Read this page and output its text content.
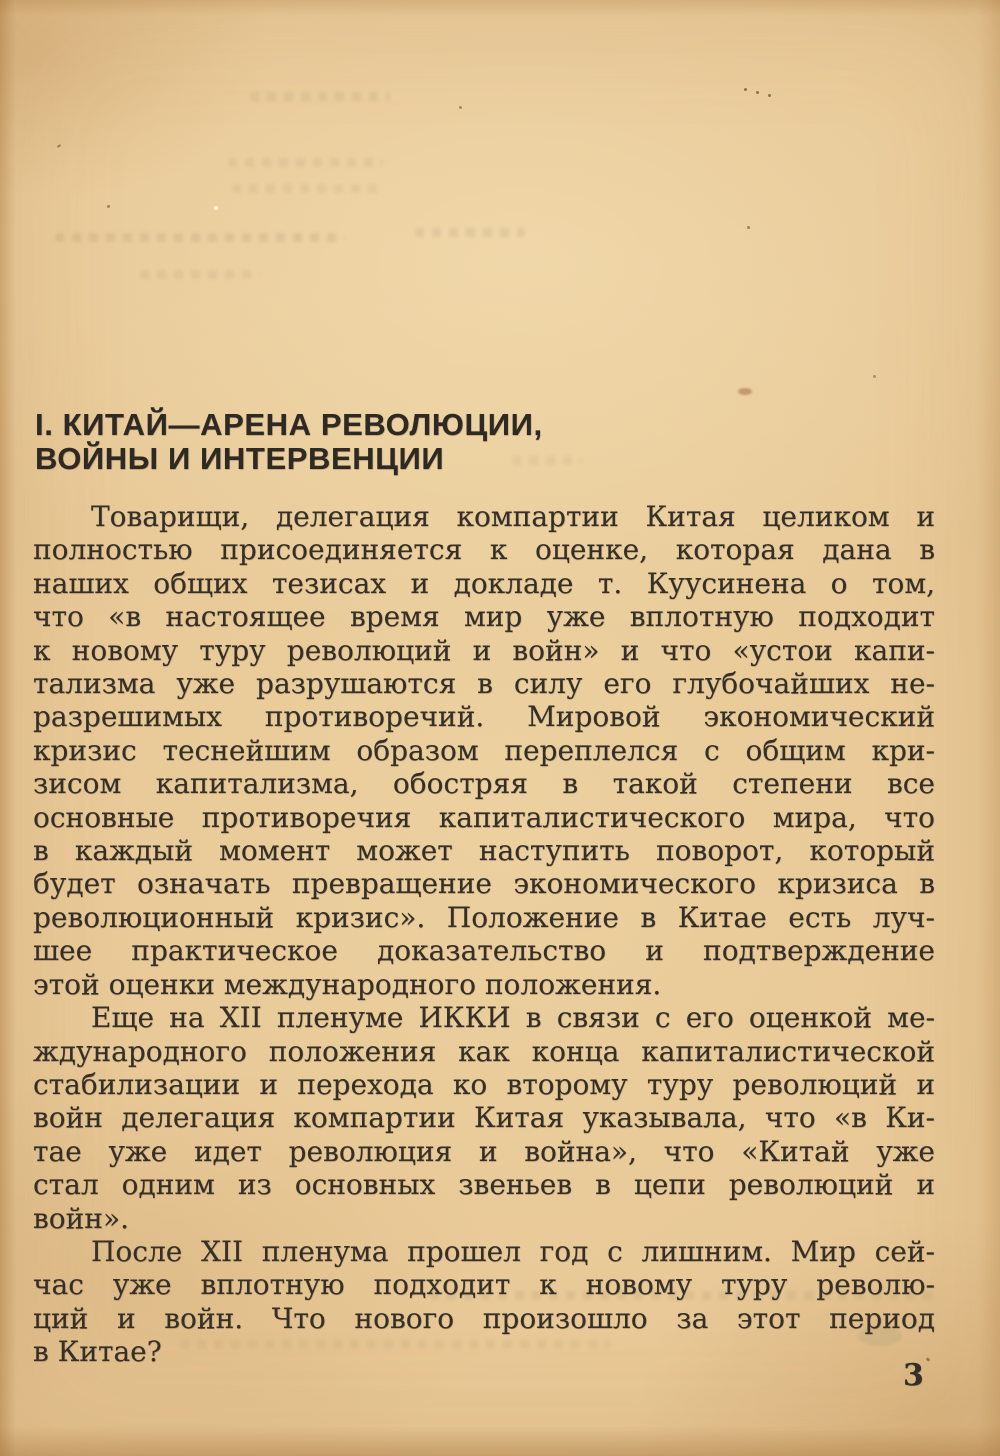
I. КИТАЙ—АРЕНА РЕВОЛЮЦИИ,
ВОЙНЫ И ИНТЕРВЕНЦИИ
Товарищи, делегация компартии Китая целиком и
полностью присоединяется к оценке, которая дана в
наших общих тезисах и докладе т. Куусинена о том,
что «в настоящее время мир уже вплотную подходит
к новому туру революций и войн» и что «устои капи-
тализма уже разрушаются в силу его глубочайших не-
разрешимых противоречий. Мировой экономический
кризис теснейшим образом переплелся с общим кри-
зисом капитализма, обостряя в такой степени все
основные противоречия капиталистического мира, что
в каждый момент может наступить поворот, который
будет означать превращение экономического кризиса в
революционный кризис». Положение в Китае есть луч-
шее практическое доказательство и подтверждение
этой оценки международного положения.
Еще на XII пленуме ИККИ в связи с его оценкой ме-
ждународного положения как конца капиталистической
стабилизации и перехода ко второму туру революций и
войн делегация компартии Китая указывала, что «в Ки-
тае уже идет революция и война», что «Китай уже
стал одним из основных звеньев в цепи революций и
войн».
После XII пленума прошел год с лишним. Мир сей-
час уже вплотную подходит к новому туру револю-
ций и войн. Что нового произошло за этот период
в Китае?
3
